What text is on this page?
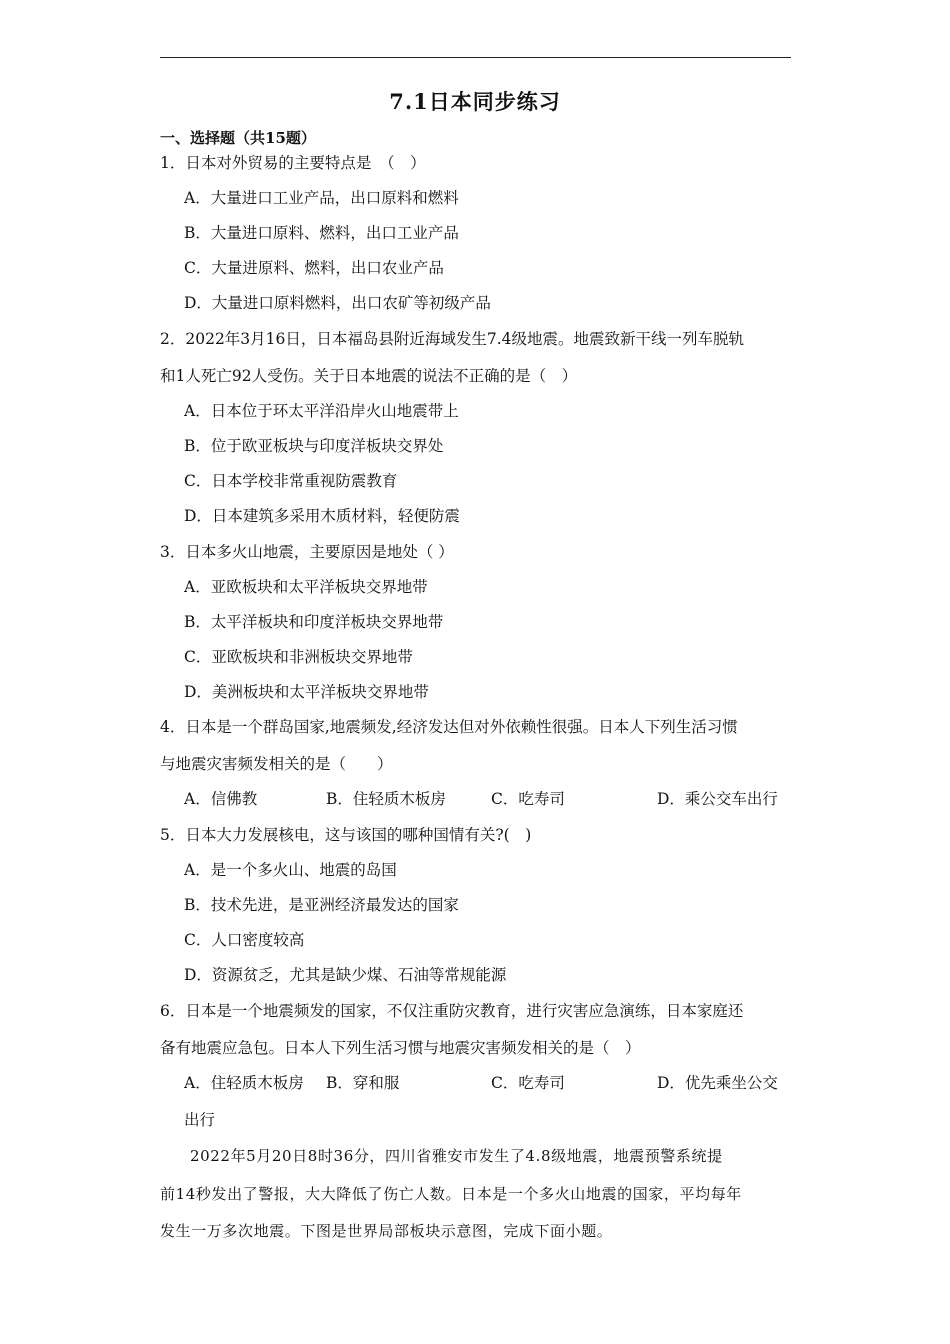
7.1日本同步练习
一、选择题（共15题）
1．日本对外贸易的主要特点是　（　）
A．大量进口工业产品，出口原料和燃料
B．大量进口原料、燃料，出口工业产品
C．大量进原料、燃料，出口农业产品
D．大量进口原料燃料，出口农矿等初级产品
2．2022年3月16日，日本福岛县附近海域发生7.4级地震。地震致新干线一列车脱轨
和1人死亡92人受伤。关于日本地震的说法不正确的是（　）
A．日本位于环太平洋沿岸火山地震带上
B．位于欧亚板块与印度洋板块交界处
C．日本学校非常重视防震教育
D．日本建筑多采用木质材料，轻便防震
3．日本多火山地震，主要原因是地处（ ）
A．亚欧板块和太平洋板块交界地带
B．太平洋板块和印度洋板块交界地带
C．亚欧板块和非洲板块交界地带
D．美洲板块和太平洋板块交界地带
4．日本是一个群岛国家,地震频发,经济发达但对外依赖性很强。日本人下列生活习惯
与地震灾害频发相关的是（　　）
A．信佛教	B．住轻质木板房	C．吃寿司	D．乘公交车出行
5．日本大力发展核电，这与该国的哪种国情有关?(　)
A．是一个多火山、地震的岛国
B．技术先进，是亚洲经济最发达的国家
C．人口密度较高
D．资源贫乏，尤其是缺少煤、石油等常规能源
6．日本是一个地震频发的国家，不仅注重防灾教育，进行灾害应急演练，日本家庭还
备有地震应急包。日本人下列生活习惯与地震灾害频发相关的是（　）
A．住轻质木板房 B．穿和服	C．吃寿司	D．优先乘坐公交
出行
2022年5月20日8时36分，四川省雅安市发生了4.8级地震，地震预警系统提
前14秒发出了警报，大大降低了伤亡人数。日本是一个多火山地震的国家，平均每年
发生一万多次地震。下图是世界局部板块示意图，完成下面小题。
